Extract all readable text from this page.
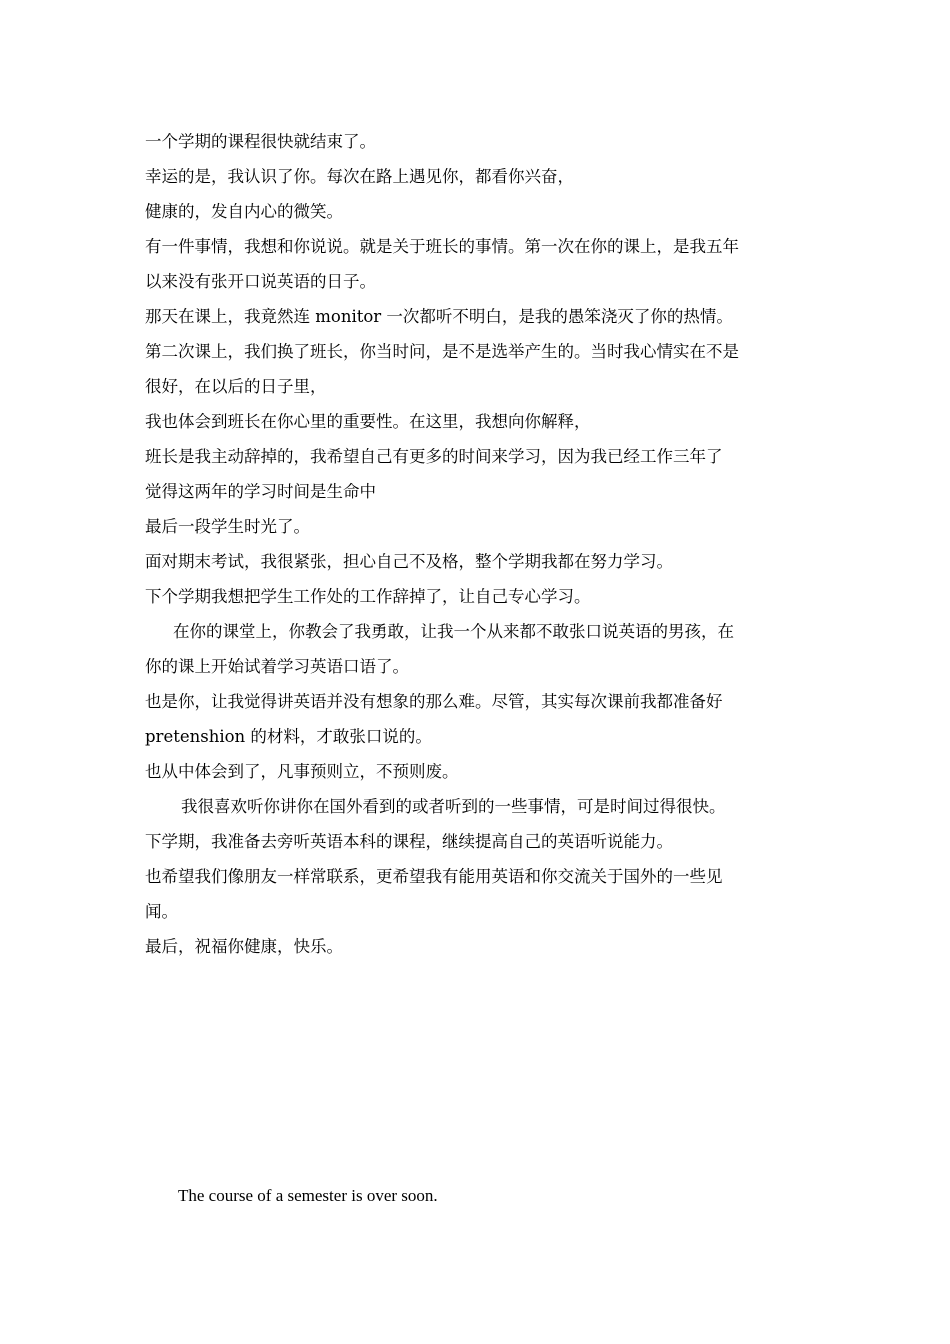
一个学期的课程很快就结束了。
幸运的是，我认识了你。每次在路上遇见你，都看你兴奋，
健康的，发自内心的微笑。
有一件事情，我想和你说说。就是关于班长的事情。第一次在你的课上，是我五年
以来没有张开口说英语的日子。
那天在课上，我竟然连 monitor 一次都听不明白，是我的愚笨浇灭了你的热情。
第二次课上，我们换了班长，你当时问，是不是选举产生的。当时我心情实在不是
很好，在以后的日子里，
我也体会到班长在你心里的重要性。在这里，我想向你解释，
班长是我主动辞掉的，我希望自己有更多的时间来学习，因为我已经工作三年了
觉得这两年的学习时间是生命中
最后一段学生时光了。
面对期末考试，我很紧张，担心自己不及格，整个学期我都在努力学习。
下个学期我想把学生工作处的工作辞掉了，让自己专心学习。
在你的课堂上，你教会了我勇敢，让我一个从来都不敢张口说英语的男孩，在
你的课上开始试着学习英语口语了。
也是你，让我觉得讲英语并没有想象的那么难。尽管，其实每次课前我都准备好
pretenshion 的材料，才敢张口说的。
也从中体会到了，凡事预则立，不预则废。
我很喜欢听你讲你在国外看到的或者听到的一些事情，可是时间过得很快。
下学期，我准备去旁听英语本科的课程，继续提高自己的英语听说能力。
也希望我们像朋友一样常联系，更希望我有能用英语和你交流关于国外的一些见
闻。
最后，祝福你健康，快乐。
The course of a semester is over soon.
